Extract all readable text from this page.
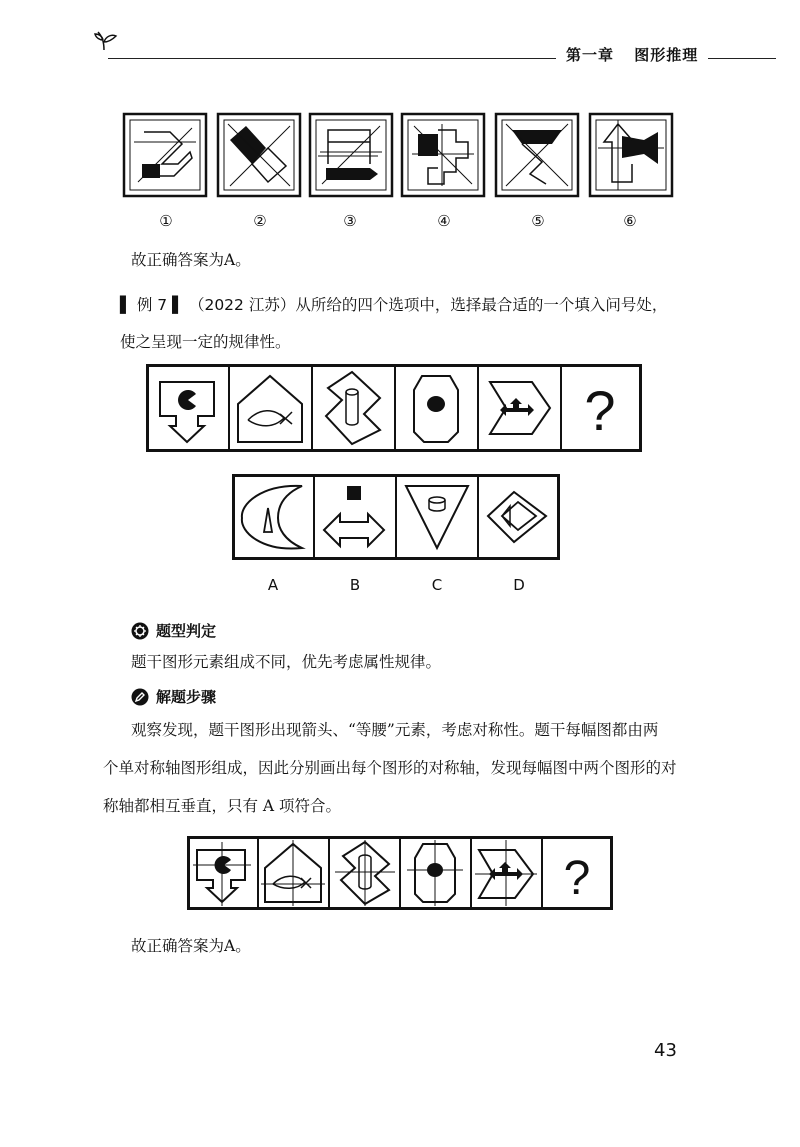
第一章 图形推理
①	②	③	④	⑤	⑥
故正确答案为A。
▌ 例 7 ▌ （2022 江苏）从所给的四个选项中，选择最合适的一个填入问号处，
使之呈现一定的规律性。
?
A	B	C	D
题型判定
题干图形元素组成不同，优先考虑属性规律。
解题步骤
观察发现，题干图形出现箭头、“等腰”元素，考虑对称性。题干每幅图都由两
个单对称轴图形组成，因此分别画出每个图形的对称轴，发现每幅图中两个图形的对
称轴都相互垂直，只有 A 项符合。
?
故正确答案为A。
43
